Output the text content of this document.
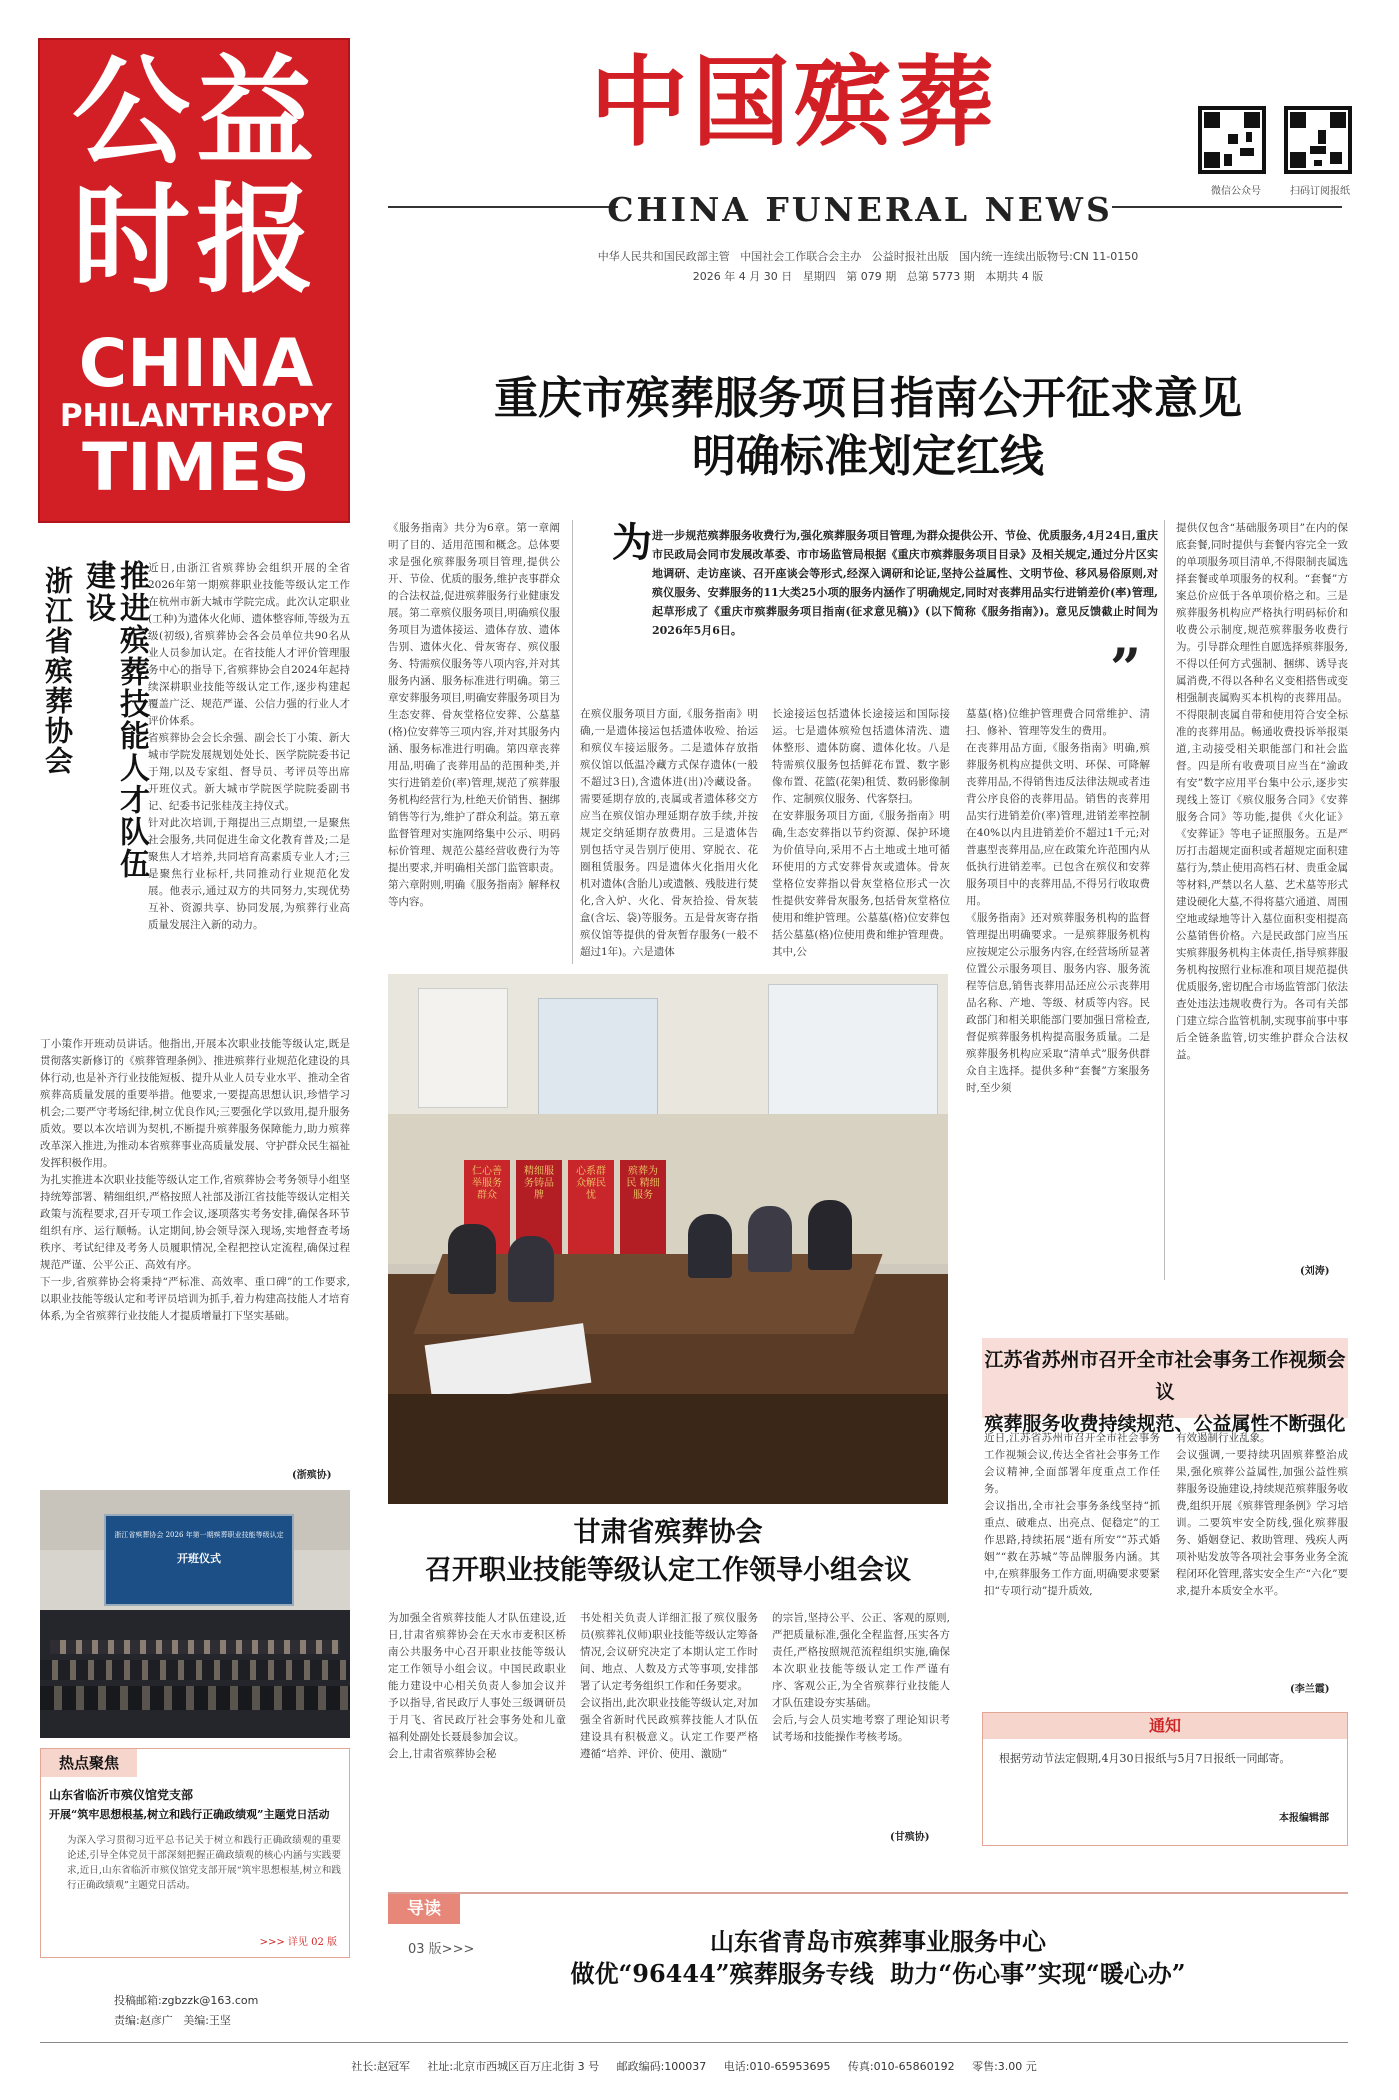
公益
时报
CHINA
PHILANTHROPY
TIMES
中国殡葬
CHINA FUNERAL NEWS	微信公众号	扫码订阅报纸
中华人民共和国民政部主管   中国社会工作联合会主办   公益时报社出版   国内统一连续出版物号:CN 11-0150
2026 年 4 月 30 日   星期四   第 079 期   总第 5773 期   本期共 4 版
重庆市殡葬服务项目指南公开征求意见
明确标准划定红线
为 进一步规范殡葬服务收费行为,强化殡葬服务项目管理,为群众提供公开、节俭、优质服务,4月24日,重庆市民政局会同市发展改革委、市市场监管局根据《重庆市殡葬服务项目目录》及相关规定,通过分片区实地调研、走访座谈、召开座谈会等形式,经深入调研和论证,坚持公益属性、文明节俭、移风易俗原则,对殡仪服务、安葬服务的11大类25小项的服务内涵作了明确规定,同时对丧葬用品实行进销差价(率)管理,起草形成了《重庆市殡葬服务项目指南(征求意见稿)》(以下简称《服务指南》)。意见反馈截止时间为2026年5月6日。
”
《服务指南》共分为6章。第一章阐明了目的、适用范围和概念。总体要求是强化殡葬服务项目管理,提供公开、节俭、优质的服务,维护丧事群众的合法权益,促进殡葬服务行业健康发展。第二章殡仪服务项目,明确殡仪服务项目为遗体接运、遗体存放、遗体告别、遗体火化、骨灰寄存、殡仪服务、特需殡仪服务等八项内容,并对其服务内涵、服务标准进行明确。第三章安葬服务项目,明确安葬服务项目为生态安葬、骨灰堂格位安葬、公墓墓(格)位安葬等三项内容,并对其服务内涵、服务标准进行明确。第四章丧葬用品,明确了丧葬用品的范围种类,并实行进销差价(率)管理,规范了殡葬服务机构经营行为,杜绝天价销售、捆绑销售等行为,维护了群众利益。第五章监督管理对实施网络集中公示、明码标价管理、规范公墓经营收费行为等提出要求,并明确相关部门监管职责。第六章附则,明确《服务指南》解释权等内容。
在殡仪服务项目方面,《服务指南》明确,一是遗体接运包括遗体收殓、抬运和殡仪车接运服务。二是遗体存放指殡仪馆以低温冷藏方式保存遗体(一般不超过3日),含遗体进(出)冷藏设备。需要延期存放的,丧属或者遗体移交方应当在殡仪馆办理延期存放手续,并按规定交纳延期存放费用。三是遗体告别包括守灵告别厅使用、穿脱衣、花圈租赁服务。四是遗体火化指用火化机对遗体(含胎儿)或遗骸、残肢进行焚化,含入炉、火化、骨灰拾捡、骨灰装盒(含坛、袋)等服务。五是骨灰寄存指殡仪馆等提供的骨灰暂存服务(一般不超过1年)。六是遗体
长途接运包括遗体长途接运和国际接运。七是遗体殡殓包括遗体清洗、遗体整形、遗体防腐、遗体化妆。八是特需殡仪服务包括鲜花布置、数字影像布置、花篮(花架)租赁、数码影像制作、定制殡仪服务、代客祭扫。
在安葬服务项目方面,《服务指南》明确,生态安葬指以节约资源、保护环境为价值导向,采用不占土地或土地可循环使用的方式安葬骨灰或遗体。骨灰堂格位安葬指以骨灰堂格位形式一次性提供安葬骨灰服务,包括骨灰堂格位使用和维护管理。公墓墓(格)位安葬包括公墓墓(格)位使用费和维护管理费。其中,公
墓墓(格)位维护管理费合同常维护、清扫、修补、管理等发生的费用。
在丧葬用品方面,《服务指南》明确,殡葬服务机构应提供文明、环保、可降解丧葬用品,不得销售违反法律法规或者违背公序良俗的丧葬用品。销售的丧葬用品实行进销差价(率)管理,进销差率控制在40%以内且进销差价不超过1千元;对普惠型丧葬用品,应在政策允许范围内从低执行进销差率。已包含在殡仪和安葬服务项目中的丧葬用品,不得另行收取费用。
《服务指南》还对殡葬服务机构的监督管理提出明确要求。一是殡葬服务机构应按规定公示服务内容,在经营场所显著位置公示服务项目、服务内容、服务流程等信息,销售丧葬用品还应公示丧葬用品名称、产地、等级、材质等内容。民政部门和相关职能部门要加强日常检查,督促殡葬服务机构提高服务质量。二是殡葬服务机构应采取“清单式”服务供群众自主选择。提供多种“套餐”方案服务时,至少须
提供仅包含“基础服务项目”在内的保底套餐,同时提供与套餐内容完全一致的单项服务项目清单,不得限制丧属选择套餐或单项服务的权利。“套餐”方案总价应低于各单项价格之和。三是殡葬服务机构应严格执行明码标价和收费公示制度,规范殡葬服务收费行为。引导群众理性自愿选择殡葬服务,不得以任何方式强制、捆绑、诱导丧属消费,不得以各种名义变相搭售或变相强制丧属购买本机构的丧葬用品。不得限制丧属自带和使用符合安全标准的丧葬用品。畅通收费投诉举报渠道,主动接受相关职能部门和社会监督。四是所有收费项目应当在“渝政有安”数字应用平台集中公示,逐步实现线上签订《殡仪服务合同》《安葬服务合同》等功能,提供《火化证》《安葬证》等电子证照服务。五是严厉打击超规定面积或者超规定面积建墓行为,禁止使用高档石材、贵重金属等材料,严禁以名人墓、艺术墓等形式建设硬化大墓,不得将墓穴通道、周围空地或绿地等计入墓位面积变相提高公墓销售价格。六是民政部门应当压实殡葬服务机构主体责任,指导殡葬服务机构按照行业标准和项目规范提供优质服务,密切配合市场监管部门依法查处违法违规收费行为。各司有关部门建立综合监管机制,实现事前事中事后全链条监管,切实维护群众合法权益。
(刘涛)
仁心善举服务群众
精细服务铸品牌
心系群众解民忧
殡葬为民 精细服务
甘肃省殡葬协会
召开职业技能等级认定工作领导小组会议
为加强全省殡葬技能人才队伍建设,近日,甘肃省殡葬协会在天水市麦积区桥南公共服务中心召开职业技能等级认定工作领导小组会议。中国民政职业能力建设中心相关负责人参加会议并予以指导,省民政厅人事处三级调研员于月飞、省民政厅社会事务处和儿童福利处副处长聂晨参加会议。
会上,甘肃省殡葬协会秘
书处相关负责人详细汇报了殡仪服务员(殡葬礼仪师)职业技能等级认定筹备情况,会议研究决定了本期认定工作时间、地点、人数及方式等事项,安排部署了认定考务组织工作和任务要求。
会议指出,此次职业技能等级认定,对加强全省新时代民政殡葬技能人才队伍建设具有积极意义。认定工作要严格遵循“培养、评价、使用、激励”
的宗旨,坚持公平、公正、客观的原则,严把质量标准,强化全程监督,压实各方责任,严格按照规范流程组织实施,确保本次职业技能等级认定工作严谨有序、客观公正,为全省殡葬行业技能人才队伍建设夯实基础。
会后,与会人员实地考察了理论知识考试考场和技能操作考核考场。
(甘殡协)
江苏省苏州市召开全市社会事务工作视频会议
殡葬服务收费持续规范、公益属性不断强化
近日,江苏省苏州市召开全市社会事务工作视频会议,传达全省社会事务工作会议精神,全面部署年度重点工作任务。
会议指出,全市社会事务条线坚持“抓重点、破难点、出亮点、促稳定”的工作思路,持续拓展“逝有所安”“苏式婚姻”“救在苏城”等品牌服务内涵。其中,在殡葬服务工作方面,明确要求要紧扣“专项行动”提升质效,
有效遏制行业乱象。
会议强调,一要持续巩固殡葬整治成果,强化殡葬公益属性,加强公益性殡葬服务设施建设,持续规范殡葬服务收费,组织开展《殡葬管理条例》学习培训。二要筑牢安全防线,强化殡葬服务、婚姻登记、救助管理、残疾人两项补贴发放等各项社会事务业务全流程闭环化管理,落实安全生产“六化”要求,提升本质安全水平。
(李兰霞)
通知
根据劳动节法定假期,4月30日报纸与5月7日报纸一同邮寄。
本报编辑部
推进殡葬技能人才队伍建设
浙江省殡葬协会	近日,由浙江省殡葬协会组织开展的全省2026年第一期殡葬职业技能等级认定工作在杭州市新大城市学院完成。此次认定职业(工种)为遗体火化师、遗体整容师,等级为五级(初级),省殡葬协会各会员单位共90名从业人员参加认定。在省技能人才评价管理服务中心的指导下,省殡葬协会自2024年起持续深耕职业技能等级认定工作,逐步构建起覆盖广泛、规范严谨、公信力强的行业人才评价体系。
省殡葬协会会长余强、副会长丁小策、新大城市学院发展规划处处长、医学院院委书记于翔,以及专家组、督导员、考评员等出席开班仪式。新大城市学院医学院院委副书记、纪委书记张桂茂主持仪式。
针对此次培训,于翔提出三点期望,一是聚焦社会服务,共同促进生命文化教育普及;二是聚焦人才培养,共同培育高素质专业人才;三是聚焦行业标杆,共同推动行业规范化发展。他表示,通过双方的共同努力,实现优势互补、资源共享、协同发展,为殡葬行业高质量发展注入新的动力。
丁小策作开班动员讲话。他指出,开展本次职业技能等级认定,既是贯彻落实新修订的《殡葬管理条例》、推进殡葬行业规范化建设的具体行动,也是补齐行业技能短板、提升从业人员专业水平、推动全省殡葬高质量发展的重要举措。他要求,一要提高思想认识,珍惜学习机会;二要严守考场纪律,树立优良作风;三要强化学以致用,提升服务质效。要以本次培训为契机,不断提升殡葬服务保障能力,助力殡葬改革深入推进,为推动本省殡葬事业高质量发展、守护群众民生福祉发挥积极作用。
为扎实推进本次职业技能等级认定工作,省殡葬协会考务领导小组坚持统筹部署、精细组织,严格按照人社部及浙江省技能等级认定相关政策与流程要求,召开专项工作会议,逐项落实考务安排,确保各环节组织有序、运行顺畅。认定期间,协会领导深入现场,实地督查考场秩序、考试纪律及考务人员履职情况,全程把控认定流程,确保过程规范严谨、公平公正、高效有序。
下一步,省殡葬协会将秉持“严标准、高效率、重口碑”的工作要求,以职业技能等级认定和考评员培训为抓手,着力构建高技能人才培育体系,为全省殡葬行业技能人才提质增量打下坚实基础。
(浙殡协)
浙江省殡葬协会 2026 年第一期殡葬职业技能等级认定
开班仪式
热点聚焦
山东省临沂市殡仪馆党支部
开展“筑牢思想根基,树立和践行正确政绩观”主题党日活动
为深入学习贯彻习近平总书记关于树立和践行正确政绩观的重要论述,引导全体党员干部深刻把握正确政绩观的核心内涵与实践要求,近日,山东省临沂市殡仪馆党支部开展“筑牢思想根基,树立和践行正确政绩观”主题党日活动。
>>> 详见 02 版
投稿邮箱:zgbzzk@163.com
责编:赵彦广   美编:王坚
导读
03 版>>>	山东省青岛市殡葬事业服务中心
做优“96444”殡葬服务专线  助力“伤心事”实现“暖心办”
社长:赵冠军     社址:北京市西城区百万庄北街 3 号     邮政编码:100037     电话:010-65953695     传真:010-65860192     零售:3.00 元
